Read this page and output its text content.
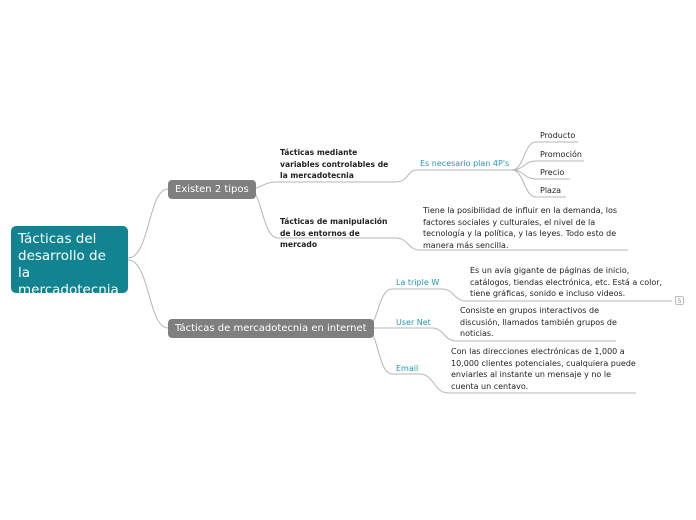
Tácticas del desarrollo de la mercadotecnia
Existen 2 tipos
Tácticas mediante variables controlables de la mercadotecnia
Es necesario plan 4P's
Producto
Promoción
Precio
Plaza
Tácticas de manipulación de los entornos de mercado
Tiene la posibilidad de influir en la demanda, los factores sociales y culturales, el nivel de la tecnología y la política, y las leyes. Todo esto de manera más sencilla.
Tácticas de mercadotecnia en internet
La triple W
Es un avía gigante de páginas de inicio, catálogos, tiendas electrónica, etc. Está a color, tiene gráficas, sonido e incluso videos.
5
User Net
Consiste en grupos interactivos de discusión, llamados también grupos de noticias.
Email
Con las direcciones electrónicas de 1,000 a 10,000 clientes potenciales, cualquiera puede enviarles al instante un mensaje y no le cuenta un centavo.
